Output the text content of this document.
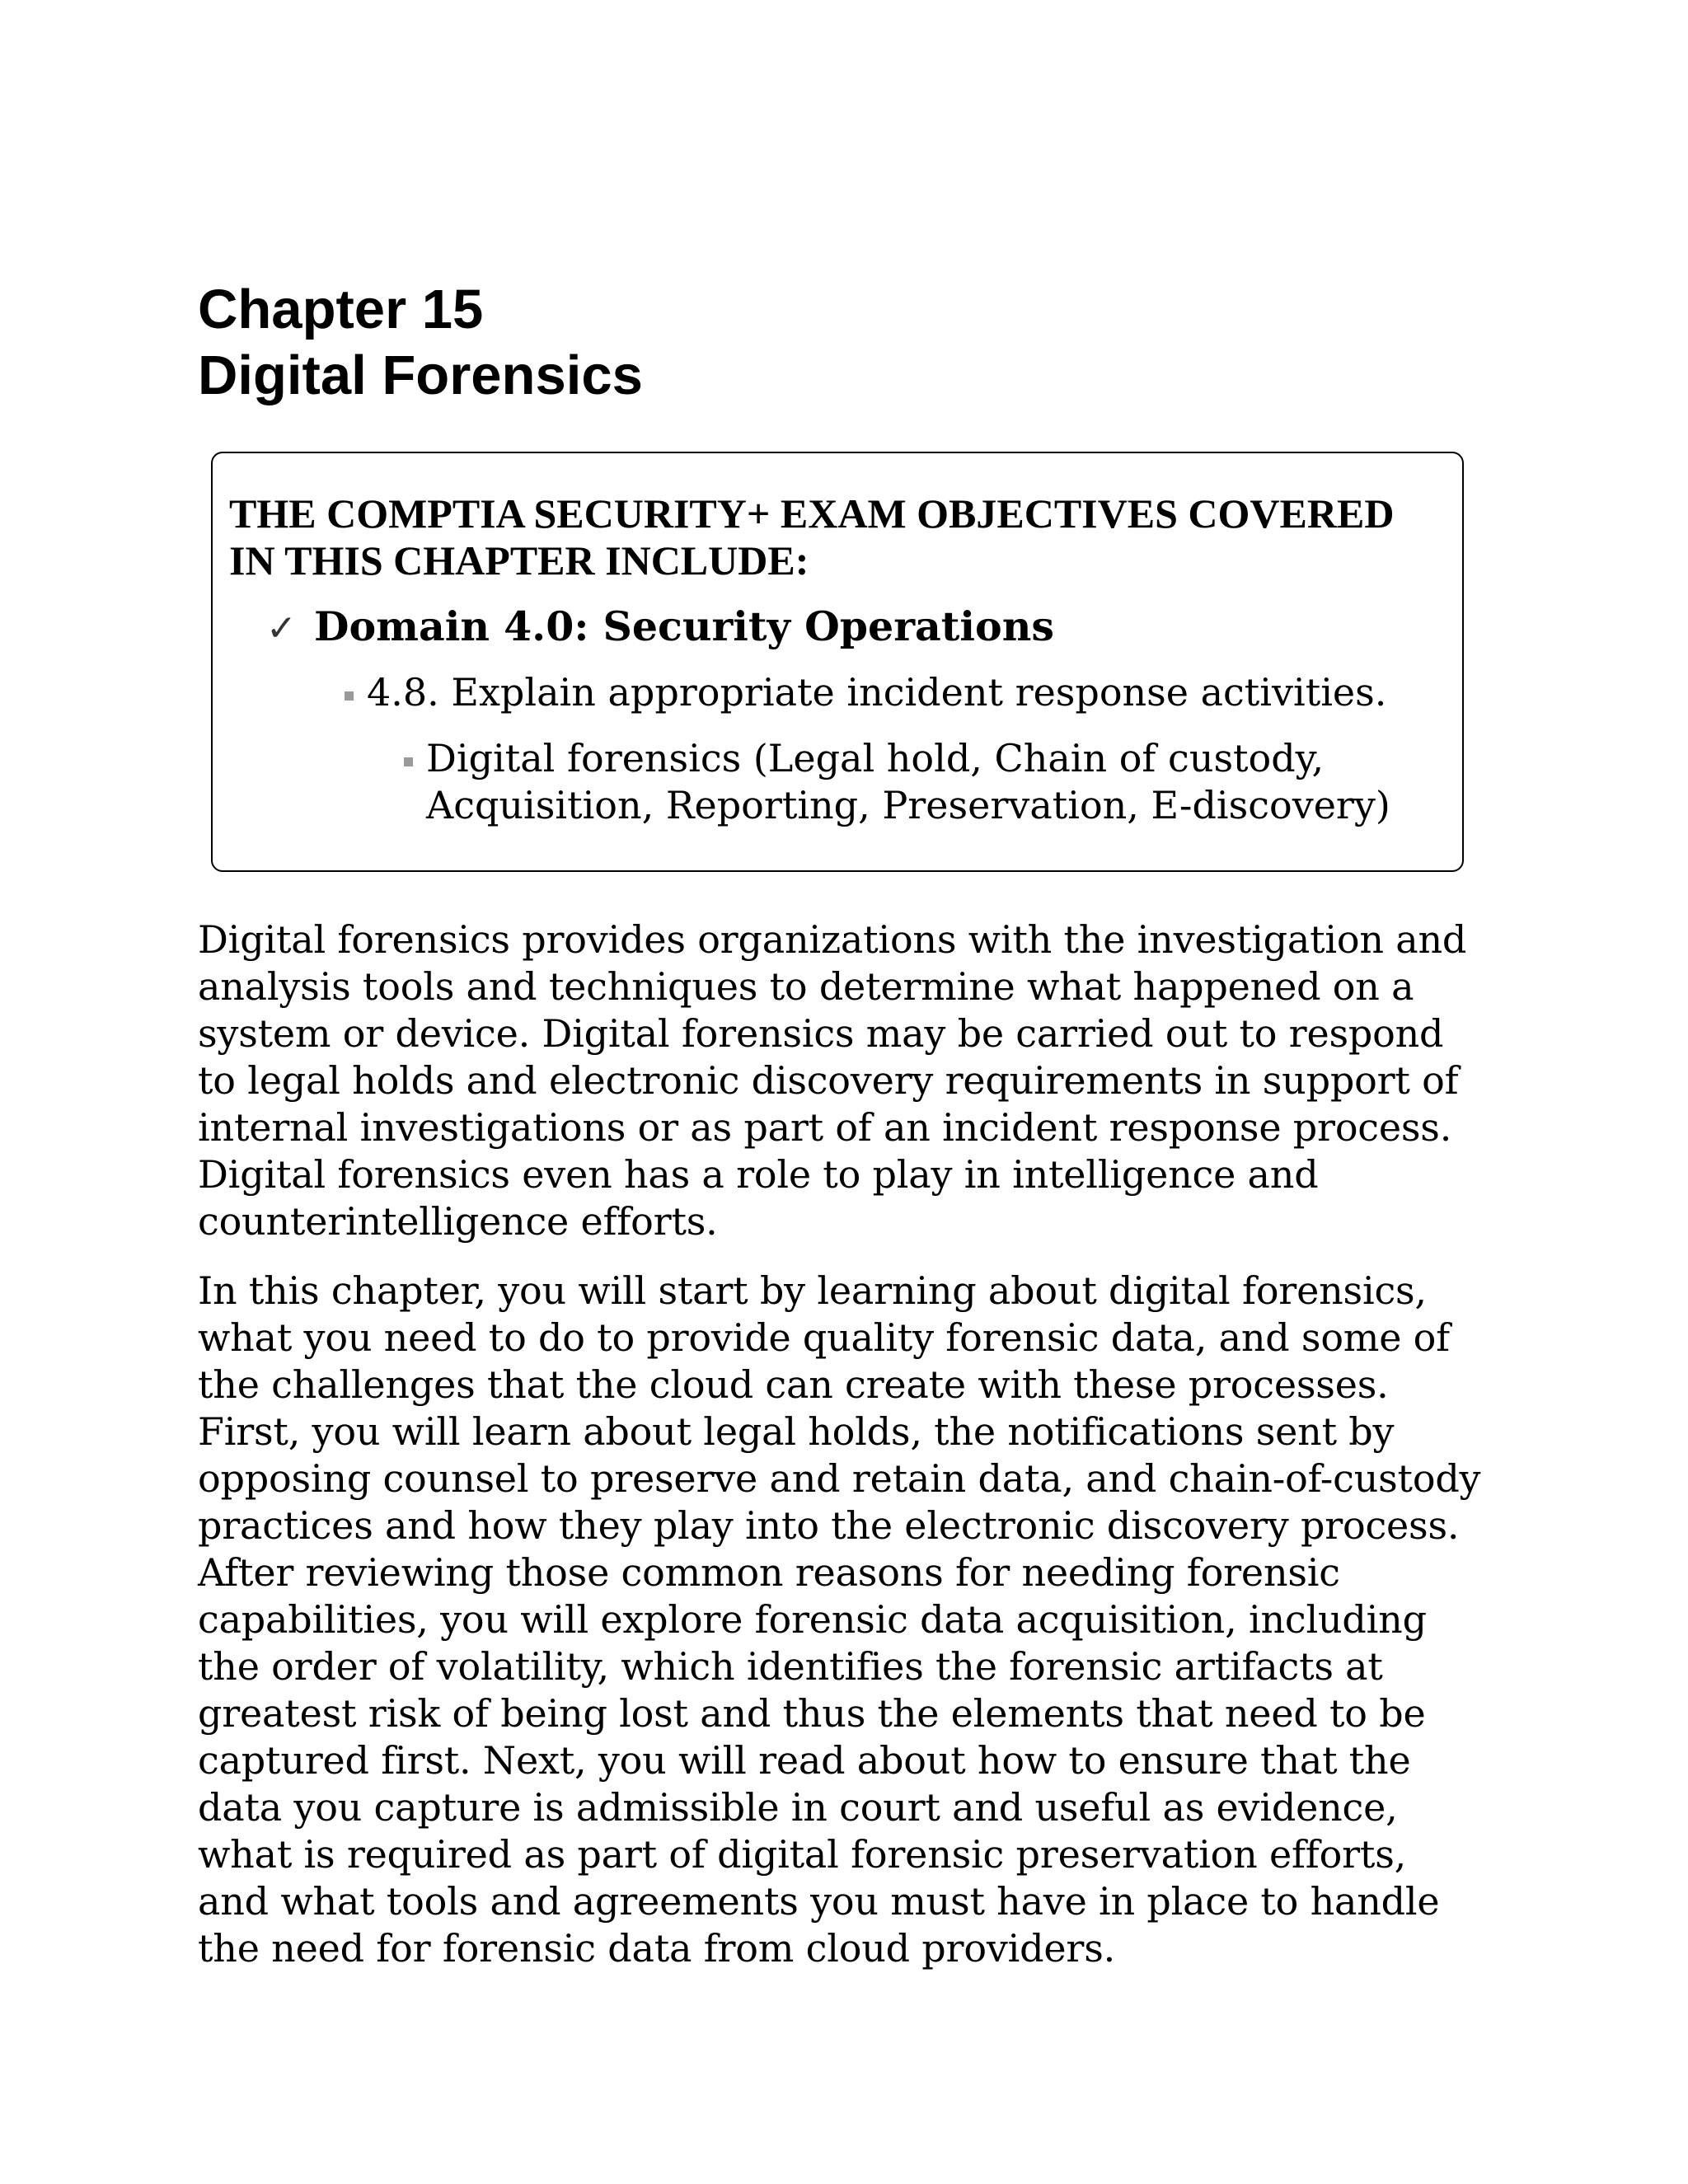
Chapter 15
Digital Forensics

THE COMPTIA SECURITY+ EXAM OBJECTIVES COVERED IN THIS CHAPTER INCLUDE:

✓ Domain 4.0: Security Operations
4.8. Explain appropriate incident response activities.
Digital forensics (Legal hold, Chain of custody, Acquisition, Reporting, Preservation, E-discovery)

Digital forensics provides organizations with the investigation and analysis tools and techniques to determine what happened on a system or device. Digital forensics may be carried out to respond to legal holds and electronic discovery requirements in support of internal investigations or as part of an incident response process. Digital forensics even has a role to play in intelligence and counterintelligence efforts.

In this chapter, you will start by learning about digital forensics, what you need to do to provide quality forensic data, and some of the challenges that the cloud can create with these processes. First, you will learn about legal holds, the notifications sent by opposing counsel to preserve and retain data, and chain-of-custody practices and how they play into the electronic discovery process. After reviewing those common reasons for needing forensic capabilities, you will explore forensic data acquisition, including the order of volatility, which identifies the forensic artifacts at greatest risk of being lost and thus the elements that need to be captured first. Next, you will read about how to ensure that the data you capture is admissible in court and useful as evidence, what is required as part of digital forensic preservation efforts, and what tools and agreements you must have in place to handle the need for forensic data from cloud providers.
